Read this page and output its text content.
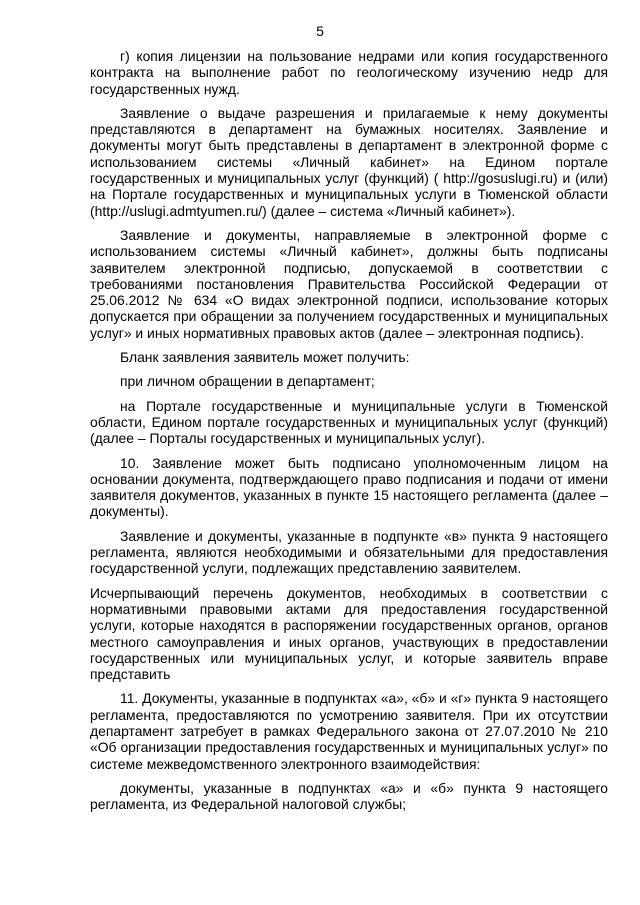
5

г) копия лицензии на пользование недрами или копия государственного контракта на выполнение работ по геологическому изучению недр для государственных нужд.

Заявление о выдаче разрешения и прилагаемые к нему документы представляются в департамент на бумажных носителях. Заявление и документы могут быть представлены в департамент в электронной форме с использованием системы «Личный кабинет» на Едином портале государственных и муниципальных услуг (функций) ( http://gosuslugi.ru) и (или) на Портале государственных и муниципальных услуги в Тюменской области (http://uslugi.admtyumen.ru/) (далее – система «Личный кабинет»).

Заявление и документы, направляемые в электронной форме с использованием системы «Личный кабинет», должны быть подписаны заявителем электронной подписью, допускаемой в соответствии с требованиями постановления Правительства Российской Федерации от 25.06.2012 № 634 «О видах электронной подписи, использование которых допускается при обращении за получением государственных и муниципальных услуг» и иных нормативных правовых актов (далее – электронная подпись).

Бланк заявления заявитель может получить:

при личном обращении в департамент;

на Портале государственные и муниципальные услуги в Тюменской области, Едином портале государственных и муниципальных услуг (функций) (далее – Порталы государственных и муниципальных услуг).

10. Заявление может быть подписано уполномоченным лицом на основании документа, подтверждающего право подписания и подачи от имени заявителя документов, указанных в пункте 15 настоящего регламента (далее – документы).

Заявление и документы, указанные в подпункте «в» пункта 9 настоящего регламента, являются необходимыми и обязательными для предоставления государственной услуги, подлежащих представлению заявителем.

Исчерпывающий перечень документов, необходимых в соответствии с нормативными правовыми актами для предоставления государственной услуги, которые находятся в распоряжении государственных органов, органов местного самоуправления и иных органов, участвующих в предоставлении государственных или муниципальных услуг, и которые заявитель вправе представить

11. Документы, указанные в подпунктах «а», «б» и «г» пункта 9 настоящего регламента, предоставляются по усмотрению заявителя. При их отсутствии департамент затребует в рамках Федерального закона от 27.07.2010 № 210 «Об организации предоставления государственных и муниципальных услуг» по системе межведомственного электронного взаимодействия:

документы, указанные в подпунктах «а» и «б» пункта 9 настоящего регламента, из Федеральной налоговой службы;
